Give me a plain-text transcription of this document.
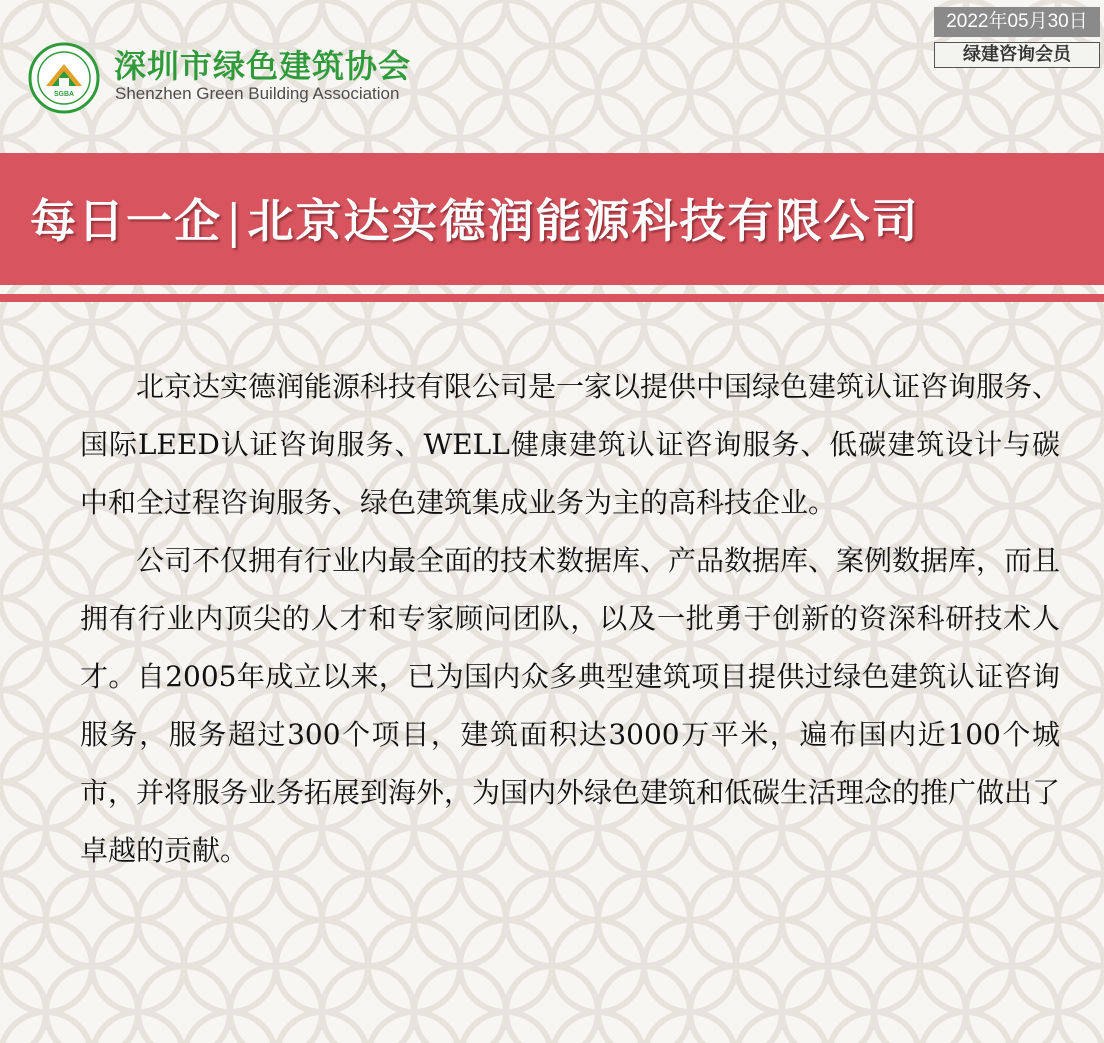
SGBA
深圳市绿色建筑协会
Shenzhen Green Building Association
2022年05月30日
绿建咨询会员
每日一企|北京达实德润能源科技有限公司

北京达实德润能源科技有限公司是一家以提供中国绿色建筑认证咨询服务、国际LEED认证咨询服务、WELL健康建筑认证咨询服务、低碳建筑设计与碳中和全过程咨询服务、绿色建筑集成业务为主的高科技企业。

公司不仅拥有行业内最全面的技术数据库、产品数据库、案例数据库，而且拥有行业内顶尖的人才和专家顾问团队，以及一批勇于创新的资深科研技术人才。自2005年成立以来，已为国内众多典型建筑项目提供过绿色建筑认证咨询服务，服务超过300个项目，建筑面积达3000万平米，遍布国内近100个城市，并将服务业务拓展到海外，为国内外绿色建筑和低碳生活理念的推广做出了卓越的贡献。
